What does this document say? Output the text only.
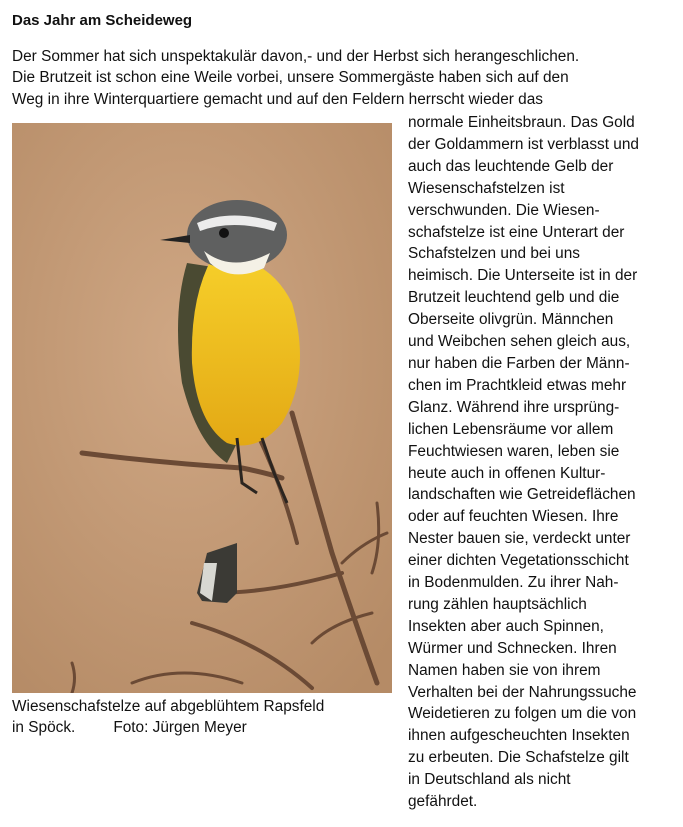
Das Jahr am Scheideweg
Der Sommer hat sich unspektakulär davon,- und der Herbst sich herangeschlichen.
Die Brutzeit ist schon eine Weile vorbei, unsere Sommergäste haben sich auf den
Weg in ihre Winterquartiere gemacht und auf den Feldern herrscht wieder das
normale Einheitsbraun. Das Gold
der Goldammern ist verblasst und
auch das leuchtende Gelb der
Wiesenschafstelzen ist
verschwunden. Die Wiesen-
schafstelze ist eine Unterart der
Schafstelzen und bei uns
heimisch. Die Unterseite ist in der
Brutzeit leuchtend gelb und die
Oberseite olivgrün. Männchen
und Weibchen sehen gleich aus,
nur haben die Farben der Männ-
chen im Prachtkleid etwas mehr
Glanz. Während ihre ursprüng-
lichen Lebensräume vor allem
Feuchtwiesen waren, leben sie
heute auch in offenen Kultur-
landschaften wie Getreideflächen
oder auf feuchten Wiesen. Ihre
Nester bauen sie, verdeckt unter
einer dichten Vegetationsschicht
in Bodenmulden. Zu ihrer Nah-
rung zählen hauptsächlich
Insekten aber auch Spinnen,
Würmer und Schnecken. Ihren
Namen haben sie von ihrem
Verhalten bei der Nahrungssuche
Weidetieren zu folgen um die von
ihnen aufgescheuchten Insekten
zu erbeuten. Die Schafstelze gilt
in Deutschland als nicht
gefährdet.
Wiesenschafstelze auf abgeblühtem Rapsfeld
in Spöck. Foto: Jürgen Meyer
